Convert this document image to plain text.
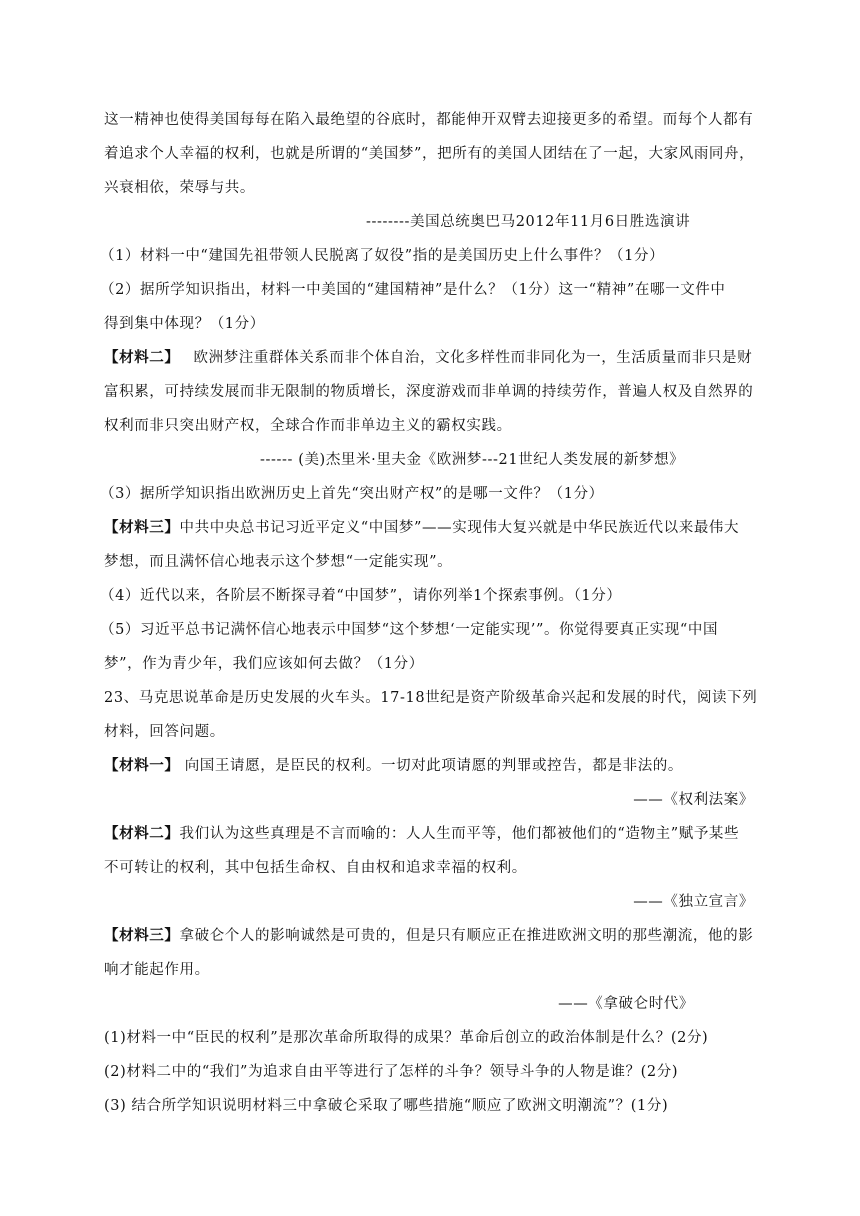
这一精神也使得美国每每在陷入最绝望的谷底时，都能伸开双臂去迎接更多的希望。而每个人都有
着追求个人幸福的权利，也就是所谓的“美国梦”，把所有的美国人团结在了一起，大家风雨同舟，
兴衰相依，荣辱与共。
--------美国总统奥巴马2012年11月6日胜选演讲
（1）材料一中“建国先祖带领人民脱离了奴役”指的是美国历史上什么事件？（1分）
（2）据所学知识指出，材料一中美国的“建国精神”是什么？（1分）这一“精神”在哪一文件中
得到集中体现？（1分）
【材料二】 欧洲梦注重群体关系而非个体自治，文化多样性而非同化为一，生活质量而非只是财
富积累，可持续发展而非无限制的物质增长，深度游戏而非单调的持续劳作，普遍人权及自然界的
权利而非只突出财产权，全球合作而非单边主义的霸权实践。
------ (美)杰里米·里夫金《欧洲梦---21世纪人类发展的新梦想》
（3）据所学知识指出欧洲历史上首先“突出财产权”的是哪一文件？（1分）
【材料三】中共中央总书记习近平定义“中国梦”——实现伟大复兴就是中华民族近代以来最伟大
梦想，而且满怀信心地表示这个梦想“一定能实现”。
（4）近代以来，各阶层不断探寻着“中国梦”，请你列举1个探索事例。（1分）
（5）习近平总书记满怀信心地表示中国梦“这个梦想‘一定能实现’”。你觉得要真正实现“中国
梦”，作为青少年，我们应该如何去做？（1分）
23、马克思说革命是历史发展的火车头。17-18世纪是资产阶级革命兴起和发展的时代，阅读下列
材料，回答问题。
【材料一】 向国王请愿，是臣民的权利。一切对此项请愿的判罪或控告，都是非法的。
——《权利法案》
【材料二】我们认为这些真理是不言而喻的：人人生而平等，他们都被他们的“造物主”赋予某些
不可转让的权利，其中包括生命权、自由权和追求幸福的权利。
——《独立宣言》
【材料三】拿破仑个人的影响诚然是可贵的，但是只有顺应正在推进欧洲文明的那些潮流，他的影
响才能起作用。
——《拿破仑时代》
(1)材料一中“臣民的权利”是那次革命所取得的成果？革命后创立的政治体制是什么？(2分)
(2)材料二中的“我们”为追求自由平等进行了怎样的斗争？领导斗争的人物是谁？(2分)
(3) 结合所学知识说明材料三中拿破仑采取了哪些措施“顺应了欧洲文明潮流”？(1分)
